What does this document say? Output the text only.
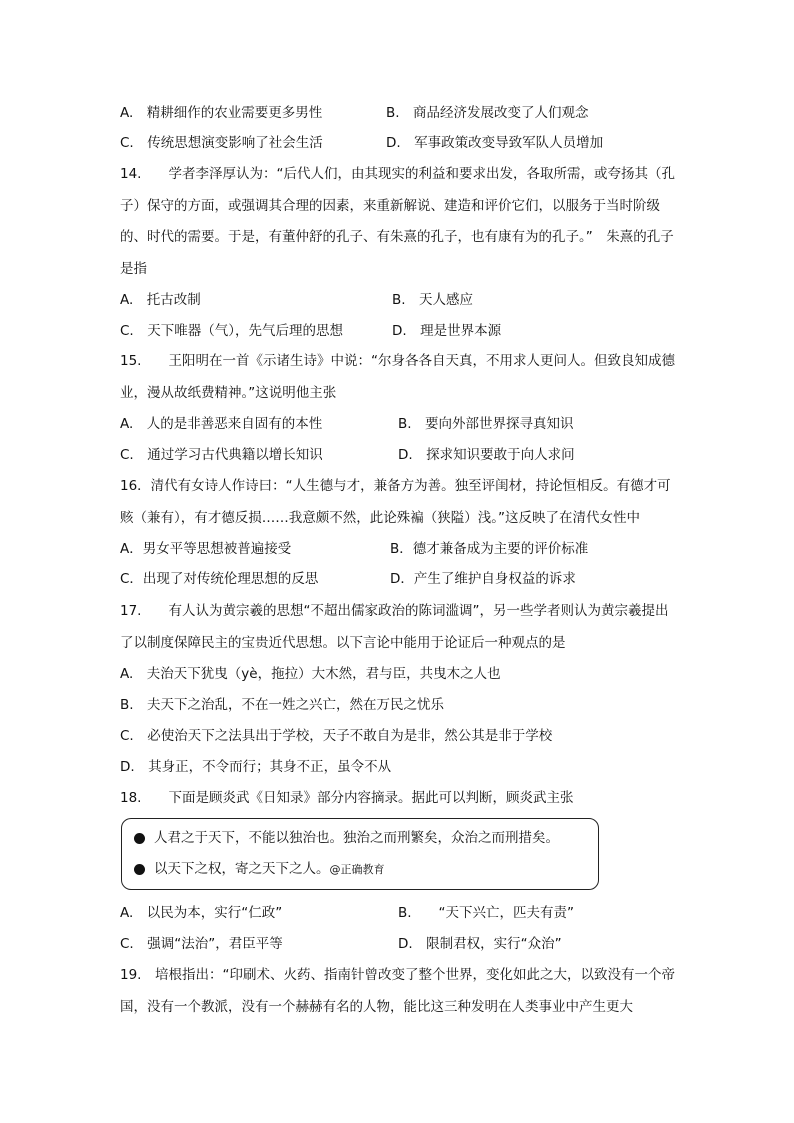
A.　精耕细作的农业需要更多男性	B.　商品经济发展改变了人们观念
C.　传统思想演变影响了社会生活	D.　军事政策改变导致军队人员增加
14.　　学者李泽厚认为：“后代人们，由其现实的利益和要求出发，各取所需，或夸扬其（孔子）保守的方面，或强调其合理的因素，来重新解说、建造和评价它们，以服务于当时阶级的、时代的需要。于是，有董仲舒的孔子、有朱熹的孔子，也有康有为的孔子。”　朱熹的孔子是指
A.　托古改制	B.　天人感应
C.　天下唯器（气），先气后理的思想	D.　理是世界本源
15.　　王阳明在一首《示诸生诗》中说：“尔身各各自天真，不用求人更问人。但致良知成德业，漫从故纸费精神。”这说明他主张
A.　人的是非善恶来自固有的本性	B.　要向外部世界探寻真知识
C.　通过学习古代典籍以增长知识	D.　探求知识要敢于向人求问
16．清代有女诗人作诗曰：“人生德与才，兼备方为善。独至评闺材，持论恒相反。有德才可赅（兼有），有才德反损……我意颇不然，此论殊褊（狭隘）浅。”这反映了在清代女性中
A．男女平等思想被普遍接受	B．德才兼备成为主要的评价标准
C．出现了对传统伦理思想的反思	D．产生了维护自身权益的诉求
17.　　有人认为黄宗羲的思想“不超出儒家政治的陈词滥调”，另一些学者则认为黄宗羲提出了以制度保障民主的宝贵近代思想。以下言论中能用于论证后一种观点的是
A.　夫治天下犹曳（yè，拖拉）大木然，君与臣，共曳木之人也
B.　夫天下之治乱，不在一姓之兴亡，然在万民之忧乐
C.　必使治天下之法具出于学校，天子不敢自为是非，然公其是非于学校
D.　其身正，不令而行；其身不正，虽令不从
18.　　下面是顾炎武《日知录》部分内容摘录。据此可以判断，顾炎武主张
人君之于天下，不能以独治也。独治之而刑繁矣，众治之而刑措矣。
以天下之权，寄之天下之人。@正确教育
A.　以民为本，实行“仁政”	B.　　“天下兴亡，匹夫有责”
C.　强调“法治”，君臣平等	D.　限制君权，实行“众治”
19.　培根指出：“印刷术、火药、指南针曾改变了整个世界，变化如此之大，以致没有一个帝国，没有一个教派，没有一个赫赫有名的人物，能比这三种发明在人类事业中产生更大
